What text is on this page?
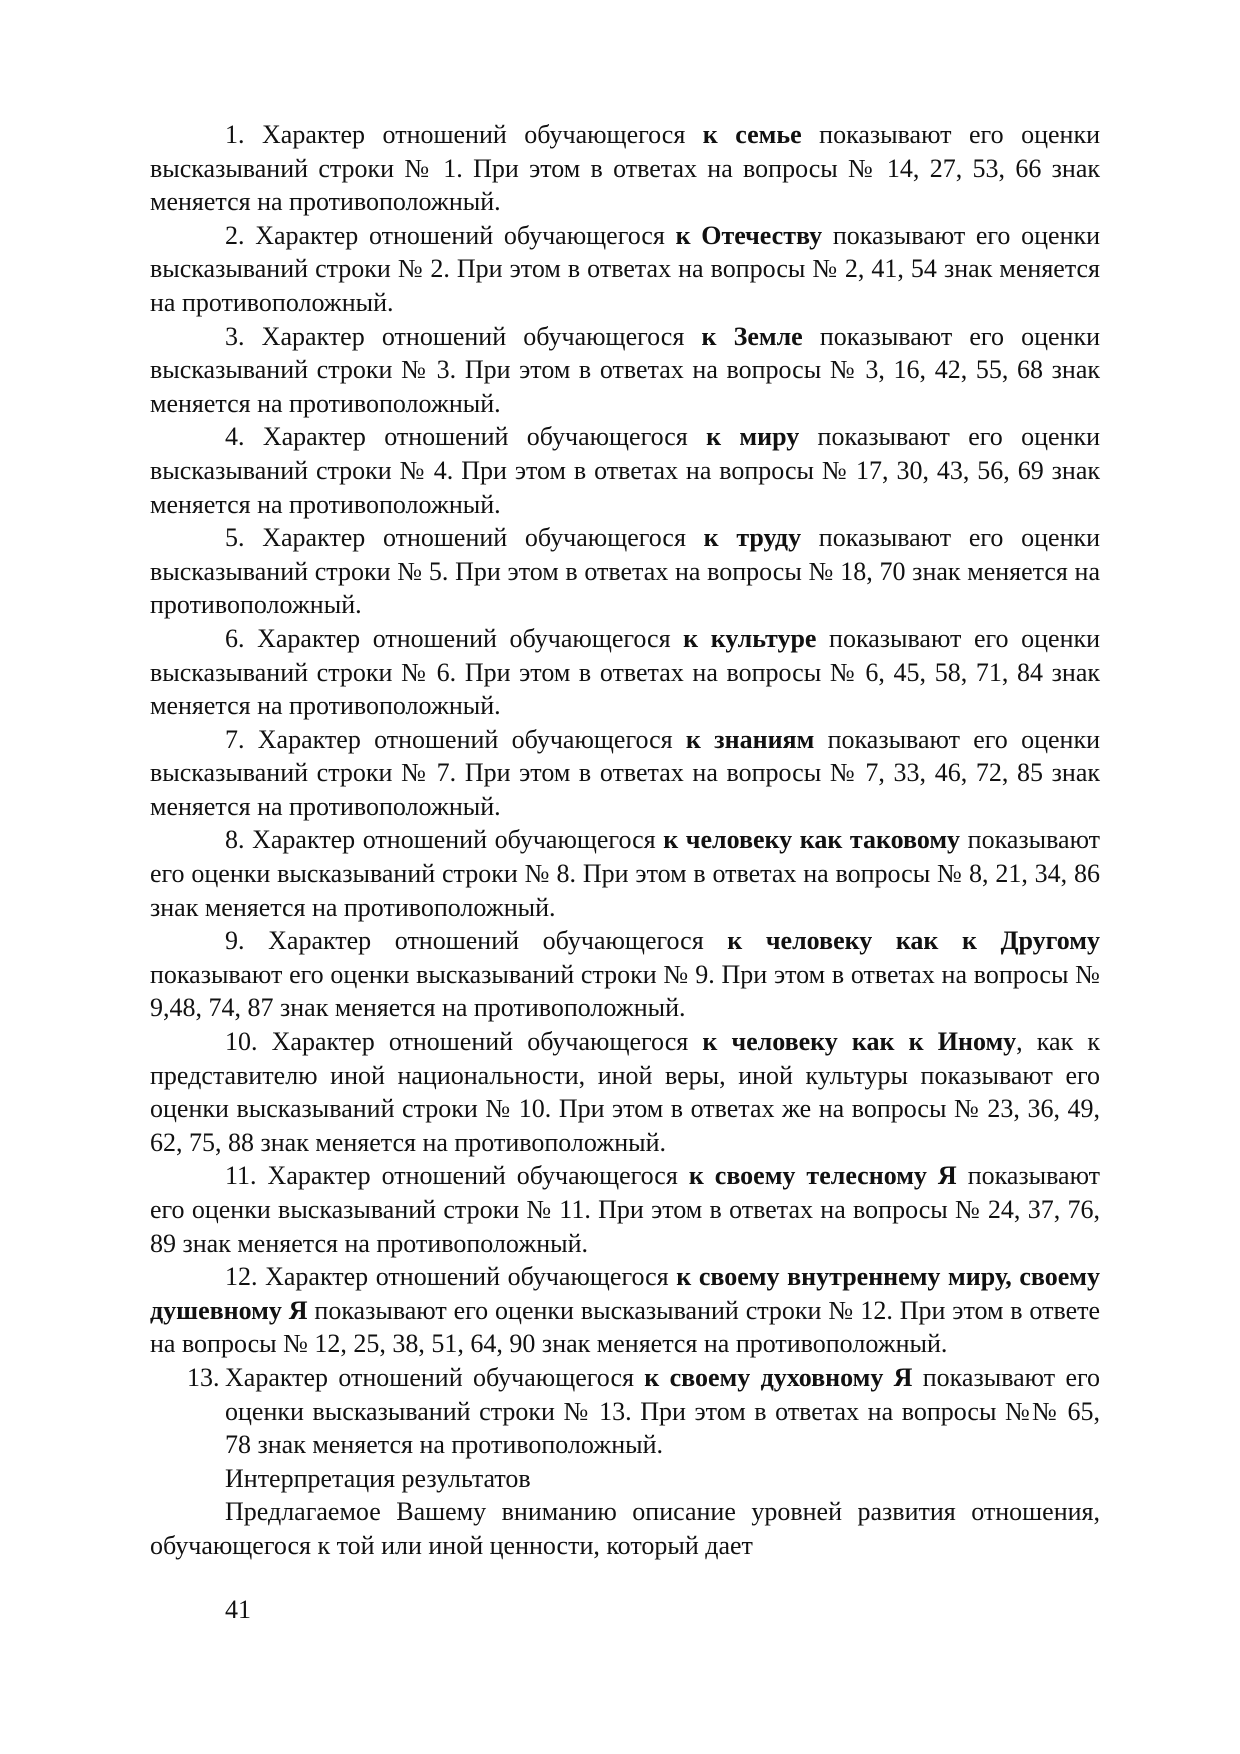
1. Характер отношений обучающегося к семье показывают его оценки высказываний строки № 1. При этом в ответах на вопросы № 14, 27, 53, 66 знак меняется на противоположный.

2. Характер отношений обучающегося к Отечеству показывают его оценки высказываний строки № 2. При этом в ответах на вопросы № 2, 41, 54 знак меняется на противоположный.

3. Характер отношений обучающегося к Земле показывают его оценки высказываний строки № 3. При этом в ответах на вопросы № 3, 16, 42, 55, 68 знак меняется на противоположный.

4. Характер отношений обучающегося к миру показывают его оценки высказываний строки № 4. При этом в ответах на вопросы № 17, 30, 43, 56, 69 знак меняется на противоположный.

5. Характер отношений обучающегося к труду показывают его оценки высказываний строки № 5. При этом в ответах на вопросы № 18, 70 знак меняется на противоположный.

6. Характер отношений обучающегося к культуре показывают его оценки высказываний строки № 6. При этом в ответах на вопросы № 6, 45, 58, 71, 84 знак меняется на противоположный.

7. Характер отношений обучающегося к знаниям показывают его оценки высказываний строки № 7. При этом в ответах на вопросы № 7, 33, 46, 72, 85 знак меняется на противоположный.

8. Характер отношений обучающегося к человеку как таковому показывают его оценки высказываний строки № 8. При этом в ответах на вопросы № 8, 21, 34, 86 знак меняется на противоположный.

9. Характер отношений обучающегося к человеку как к Другому показывают его оценки высказываний строки № 9. При этом в ответах на вопросы № 9,48, 74, 87 знак меняется на противоположный.

10. Характер отношений обучающегося к человеку как к Иному, как к представителю иной национальности, иной веры, иной культуры показывают его оценки высказываний строки № 10. При этом в ответах же на вопросы № 23, 36, 49, 62, 75, 88 знак меняется на противоположный.

11. Характер отношений обучающегося к своему телесному Я показывают его оценки высказываний строки № 11. При этом в ответах на вопросы № 24, 37, 76, 89 знак меняется на противоположный.

12. Характер отношений обучающегося к своему внутреннему миру, своему душевному Я показывают его оценки высказываний строки № 12. При этом в ответе на вопросы № 12, 25, 38, 51, 64, 90 знак меняется на противоположный.

13. Характер отношений обучающегося к своему духовному Я показывают его оценки высказываний строки № 13. При этом в ответах на вопросы №№ 65, 78 знак меняется на противоположный.

Интерпретация результатов

Предлагаемое Вашему вниманию описание уровней развития отношения, обучающегося к той или иной ценности, который дает

41
